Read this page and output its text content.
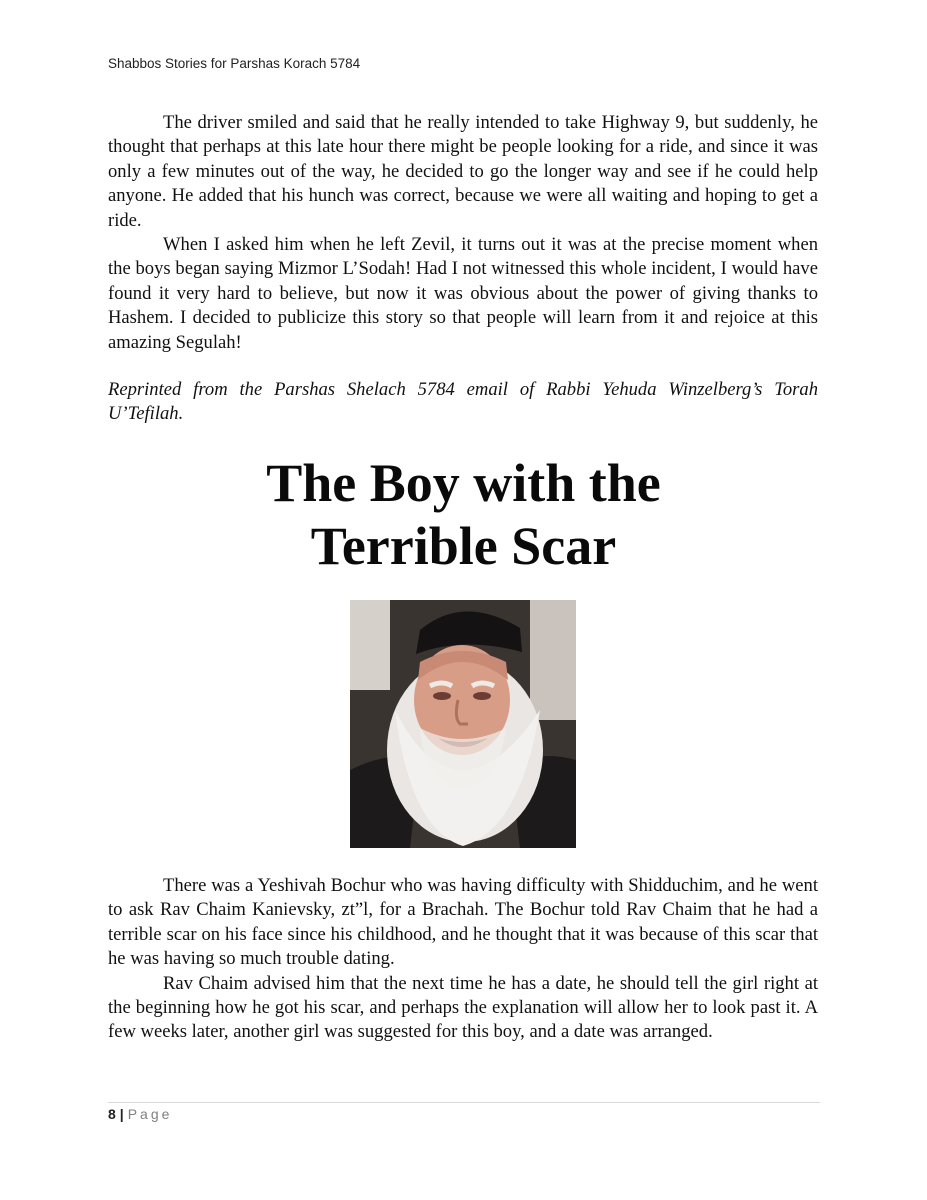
Shabbos Stories for Parshas Korach 5784

The driver smiled and said that he really intended to take Highway 9, but suddenly, he thought that perhaps at this late hour there might be people looking for a ride, and since it was only a few minutes out of the way, he decided to go the longer way and see if he could help anyone. He added that his hunch was correct, because we were all waiting and hoping to get a ride.

When I asked him when he left Zevil, it turns out it was at the precise moment when the boys began saying Mizmor L’Sodah! Had I not witnessed this whole incident, I would have found it very hard to believe, but now it was obvious about the power of giving thanks to Hashem. I decided to publicize this story so that people will learn from it and rejoice at this amazing Segulah!

Reprinted from the Parshas Shelach 5784 email of Rabbi Yehuda Winzelberg’s Torah U’Tefilah.
The Boy with the
Terrible Scar

There was a Yeshivah Bochur who was having difficulty with Shidduchim, and he went to ask Rav Chaim Kanievsky, zt”l, for a Brachah. The Bochur told Rav Chaim that he had a terrible scar on his face since his childhood, and he thought that it was because of this scar that he was having so much trouble dating.

Rav Chaim advised him that the next time he has a date, he should tell the girl right at the beginning how he got his scar, and perhaps the explanation will allow her to look past it. A few weeks later, another girl was suggested for this boy, and a date was arranged.

8 | Page
